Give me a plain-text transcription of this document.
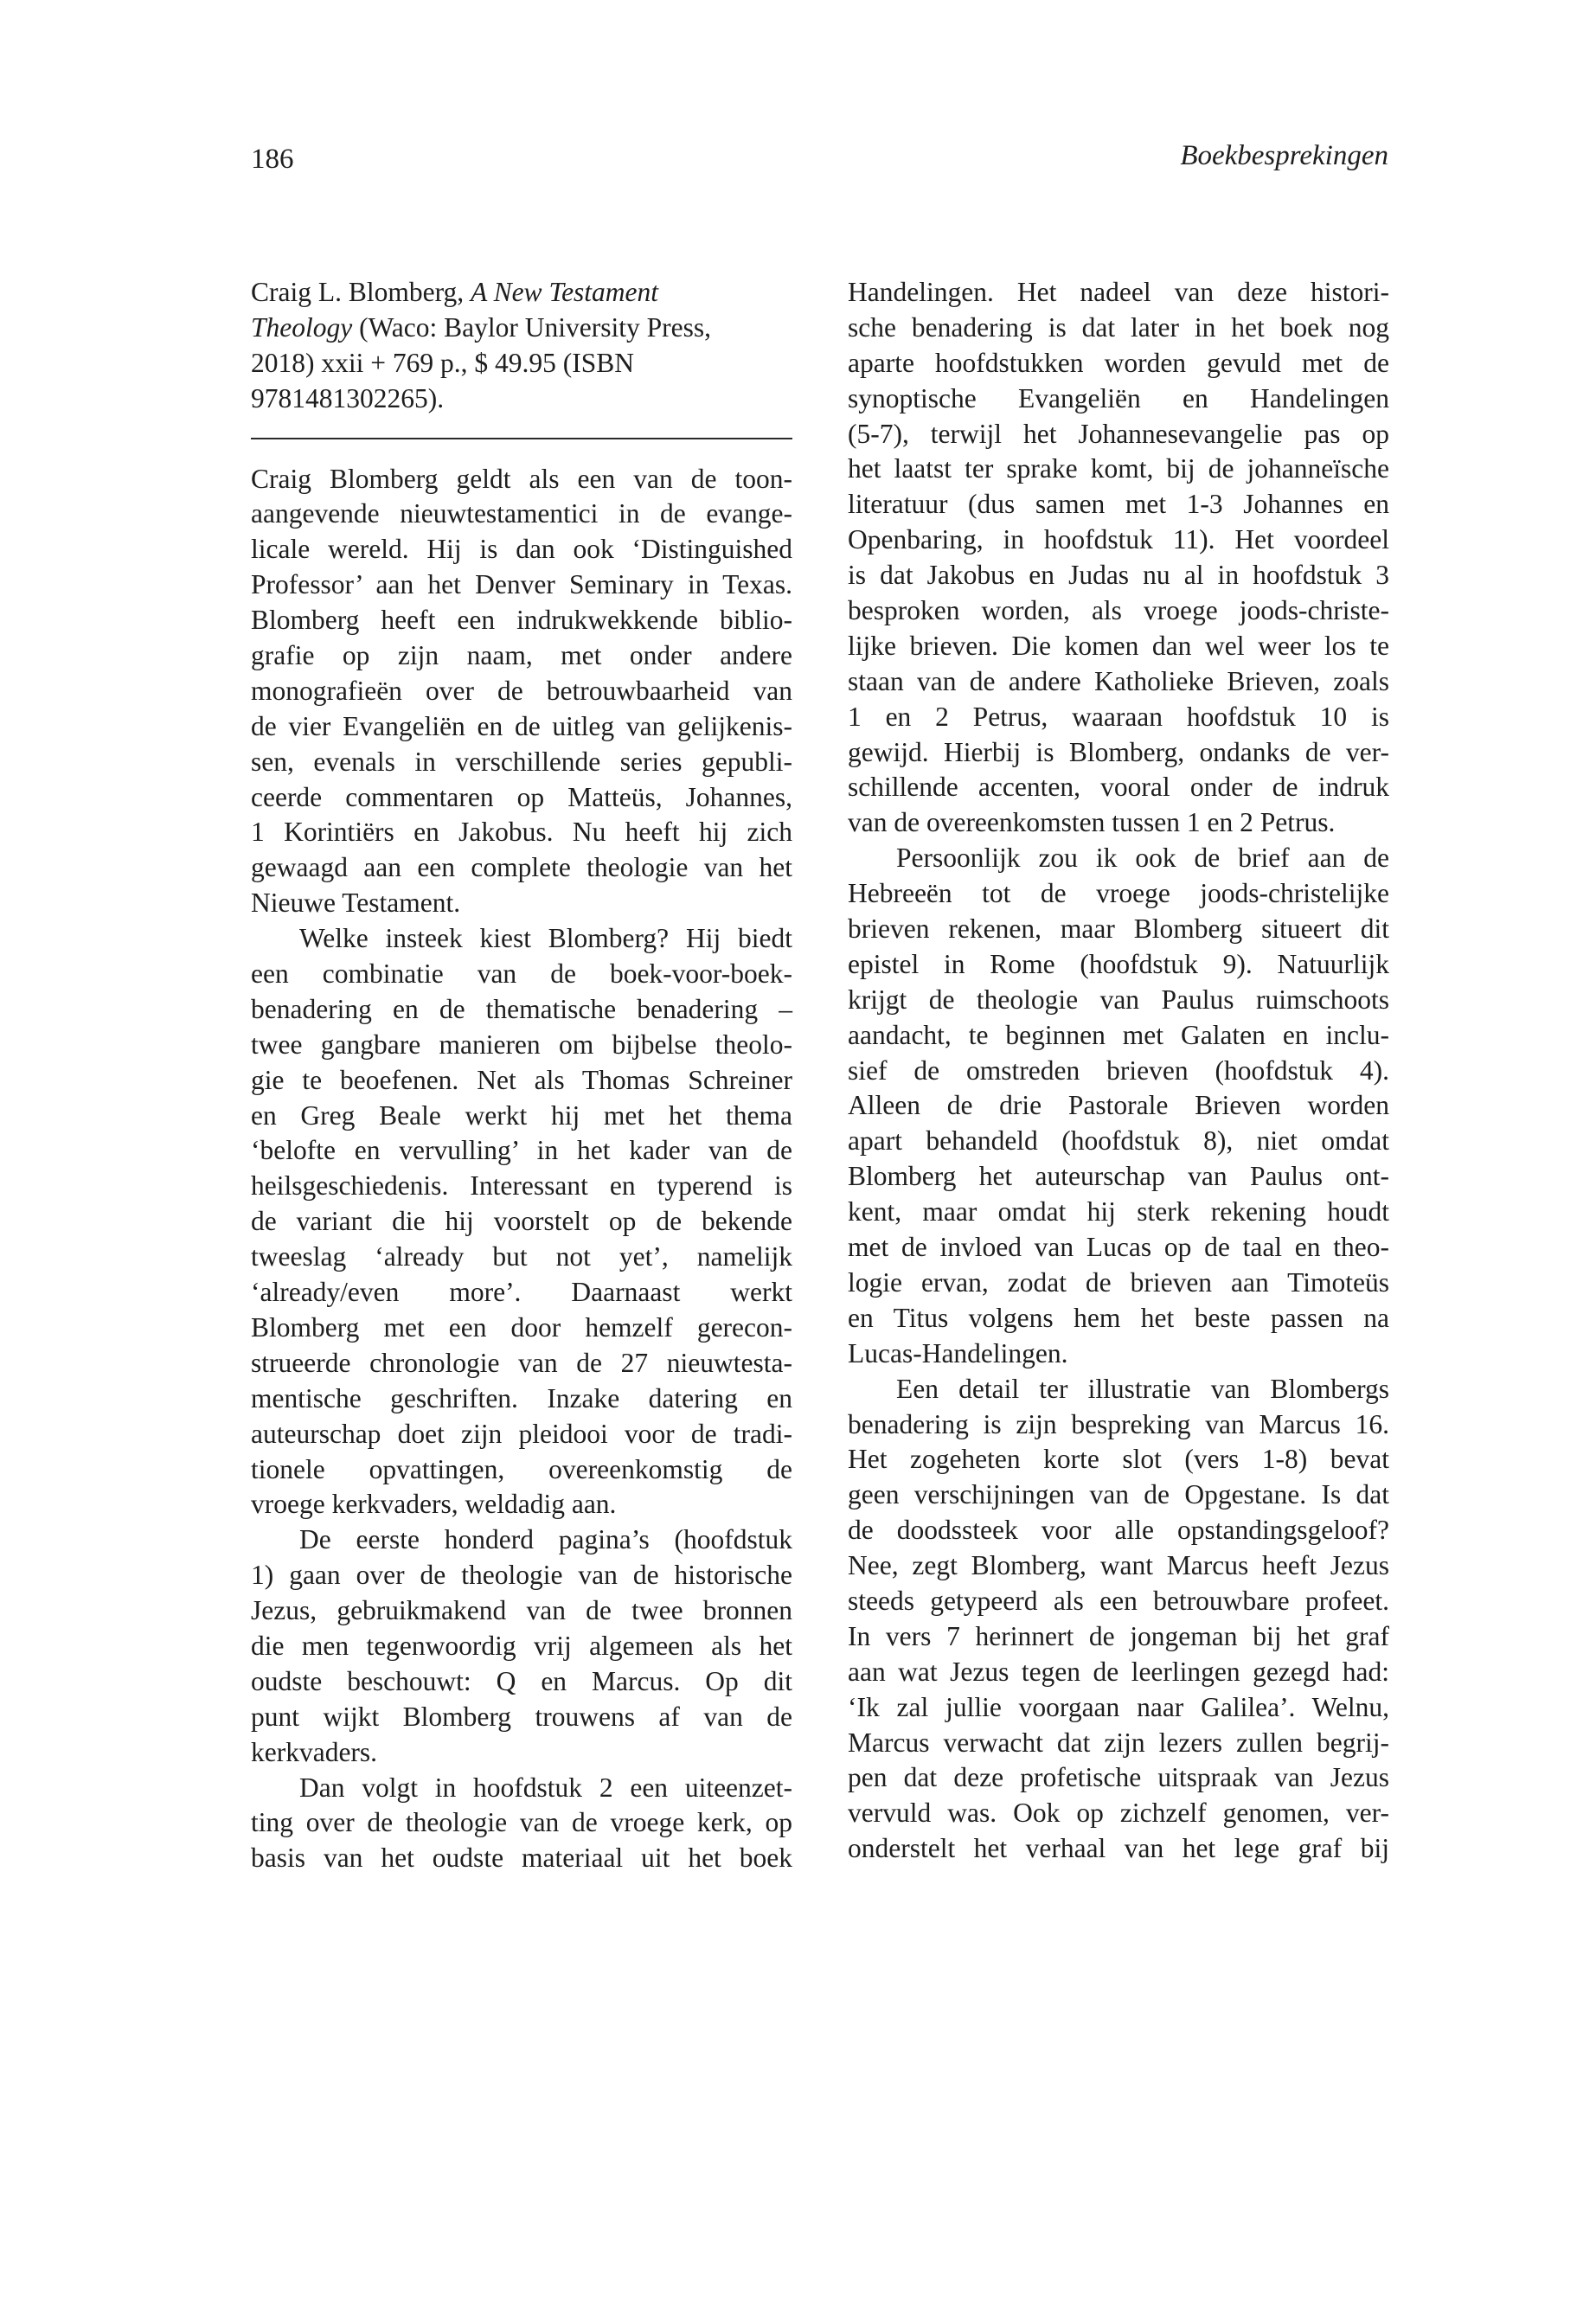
186	Boekbesprekingen
Craig L. Blomberg, A New Testament
Theology (Waco: Baylor University Press,
2018) xxii + 769 p., $ 49.95 (ISBN
9781481302265).
Craig Blomberg geldt als een van de toon-
aangevende nieuwtestamentici in de evange-
licale wereld. Hij is dan ook ‘Distinguished
Professor’ aan het Denver Seminary in Texas.
Blomberg heeft een indrukwekkende biblio-
grafie op zijn naam, met onder andere
monografieën over de betrouwbaarheid van
de vier Evangeliën en de uitleg van gelijkenis-
sen, evenals in verschillende series gepubli-
ceerde commentaren op Matteüs, Johannes,
1 Korintiërs en Jakobus. Nu heeft hij zich
gewaagd aan een complete theologie van het
Nieuwe Testament.
Welke insteek kiest Blomberg? Hij biedt
een combinatie van de boek-voor-boek-
benadering en de thematische benadering –
twee gangbare manieren om bijbelse theolo-
gie te beoefenen. Net als Thomas Schreiner
en Greg Beale werkt hij met het thema
‘belofte en vervulling’ in het kader van de
heilsgeschiedenis. Interessant en typerend is
de variant die hij voorstelt op de bekende
tweeslag ‘already but not yet’, namelijk
‘already/even more’. Daarnaast werkt
Blomberg met een door hemzelf gerecon-
strueerde chronologie van de 27 nieuwtesta-
mentische geschriften. Inzake datering en
auteurschap doet zijn pleidooi voor de tradi-
tionele opvattingen, overeenkomstig de
vroege kerkvaders, weldadig aan.
De eerste honderd pagina’s (hoofdstuk
1) gaan over de theologie van de historische
Jezus, gebruikmakend van de twee bronnen
die men tegenwoordig vrij algemeen als het
oudste beschouwt: Q en Marcus. Op dit
punt wijkt Blomberg trouwens af van de
kerkvaders.
Dan volgt in hoofdstuk 2 een uiteenzet-
ting over de theologie van de vroege kerk, op
basis van het oudste materiaal uit het boek
Handelingen. Het nadeel van deze histori-
sche benadering is dat later in het boek nog
aparte hoofdstukken worden gevuld met de
synoptische Evangeliën en Handelingen
(5-7), terwijl het Johannesevangelie pas op
het laatst ter sprake komt, bij de johanneïsche
literatuur (dus samen met 1-3 Johannes en
Openbaring, in hoofdstuk 11). Het voordeel
is dat Jakobus en Judas nu al in hoofdstuk 3
besproken worden, als vroege joods-christe-
lijke brieven. Die komen dan wel weer los te
staan van de andere Katholieke Brieven, zoals
1 en 2 Petrus, waaraan hoofdstuk 10 is
gewijd. Hierbij is Blomberg, ondanks de ver-
schillende accenten, vooral onder de indruk
van de overeenkomsten tussen 1 en 2 Petrus.
Persoonlijk zou ik ook de brief aan de
Hebreeën tot de vroege joods-christelijke
brieven rekenen, maar Blomberg situeert dit
epistel in Rome (hoofdstuk 9). Natuurlijk
krijgt de theologie van Paulus ruimschoots
aandacht, te beginnen met Galaten en inclu-
sief de omstreden brieven (hoofdstuk 4).
Alleen de drie Pastorale Brieven worden
apart behandeld (hoofdstuk 8), niet omdat
Blomberg het auteurschap van Paulus ont-
kent, maar omdat hij sterk rekening houdt
met de invloed van Lucas op de taal en theo-
logie ervan, zodat de brieven aan Timoteüs
en Titus volgens hem het beste passen na
Lucas-Handelingen.
Een detail ter illustratie van Blombergs
benadering is zijn bespreking van Marcus 16.
Het zogeheten korte slot (vers 1-8) bevat
geen verschijningen van de Opgestane. Is dat
de doodssteek voor alle opstandingsgeloof?
Nee, zegt Blomberg, want Marcus heeft Jezus
steeds getypeerd als een betrouwbare profeet.
In vers 7 herinnert de jongeman bij het graf
aan wat Jezus tegen de leerlingen gezegd had:
‘Ik zal jullie voorgaan naar Galilea’. Welnu,
Marcus verwacht dat zijn lezers zullen begrij-
pen dat deze profetische uitspraak van Jezus
vervuld was. Ook op zichzelf genomen, ver-
onderstelt het verhaal van het lege graf bij
